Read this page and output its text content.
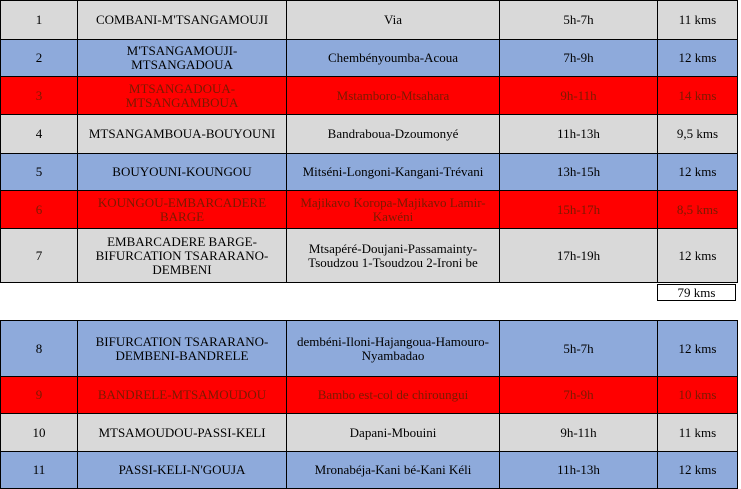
1	COMBANI-M'TSANGAMOUJI	Via	5h-7h	11 kms
2	M'TSANGAMOUJI-MTSANGADOUA	Chembényoumba-Acoua	7h-9h	12 kms
3	MTSANGADOUA-MTSANGAMBOUA	Mstamboro-Mtsahara	9h-11h	14 kms
4	MTSANGAMBOUA-BOUYOUNI	Bandraboua-Dzoumonyé	11h-13h	9,5 kms
5	BOUYOUNI-KOUNGOU	Mitséni-Longoni-Kangani-Trévani	13h-15h	12 kms
6	KOUNGOU-EMBARCADERE BARGE	Majikavo Koropa-Majikavo Lamir-Kawéni	15h-17h	8,5 kms
7	EMBARCADERE BARGE-BIFURCATION TSARARANO-DEMBENI	Mtsapéré-Doujani-Passamainty-Tsoudzou 1-Tsoudzou 2-Ironi be	17h-19h	12 kms
79 kms
8	BIFURCATION TSARARANO-DEMBENI-BANDRELE	dembéni-Iloni-Hajangoua-Hamouro-Nyambadao	5h-7h	12 kms
9	BANDRELE-MTSAMOUDOU	Bambo est-col de chiroungui	7h-9h	10 kms
10	MTSAMOUDOU-PASSI-KELI	Dapani-Mbouini	9h-11h	11 kms
11	PASSI-KELI-N'GOUJA	Mronabéja-Kani bé-Kani Kéli	11h-13h	12 kms
